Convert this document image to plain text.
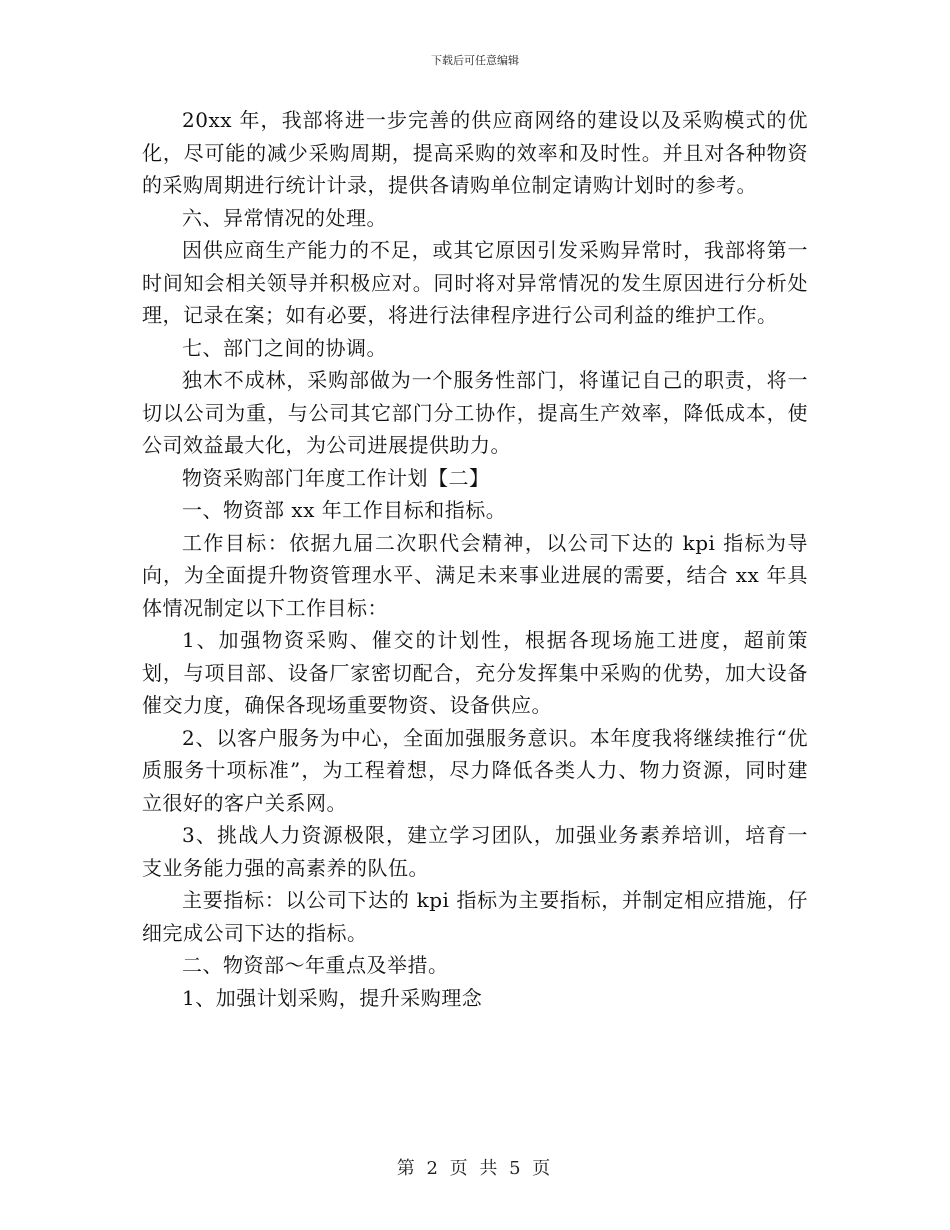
下载后可任意编辑

20xx 年，我部将进一步完善的供应商网络的建设以及采购模式的优化，尽可能的减少采购周期，提高采购的效率和及时性。并且对各种物资的采购周期进行统计计录，提供各请购单位制定请购计划时的参考。

六、异常情况的处理。

因供应商生产能力的不足，或其它原因引发采购异常时，我部将第一时间知会相关领导并积极应对。同时将对异常情况的发生原因进行分析处理，记录在案；如有必要，将进行法律程序进行公司利益的维护工作。

七、部门之间的协调。

独木不成林，采购部做为一个服务性部门，将谨记自己的职责，将一切以公司为重，与公司其它部门分工协作，提高生产效率，降低成本，使公司效益最大化，为公司进展提供助力。

物资采购部门年度工作计划【二】

一、物资部 xx 年工作目标和指标。

工作目标：依据九届二次职代会精神，以公司下达的 kpi 指标为导向，为全面提升物资管理水平、满足未来事业进展的需要，结合 xx 年具体情况制定以下工作目标：

1、加强物资采购、催交的计划性，根据各现场施工进度，超前策划，与项目部、设备厂家密切配合，充分发挥集中采购的优势，加大设备催交力度，确保各现场重要物资、设备供应。

2、以客户服务为中心，全面加强服务意识。本年度我将继续推行“优质服务十项标准”，为工程着想，尽力降低各类人力、物力资源，同时建立很好的客户关系网。

3、挑战人力资源极限，建立学习团队，加强业务素养培训，培育一支业务能力强的高素养的队伍。

主要指标：以公司下达的 kpi 指标为主要指标，并制定相应措施，仔细完成公司下达的指标。

二、物资部～年重点及举措。

1、加强计划采购，提升采购理念

第 2 页 共 5 页
